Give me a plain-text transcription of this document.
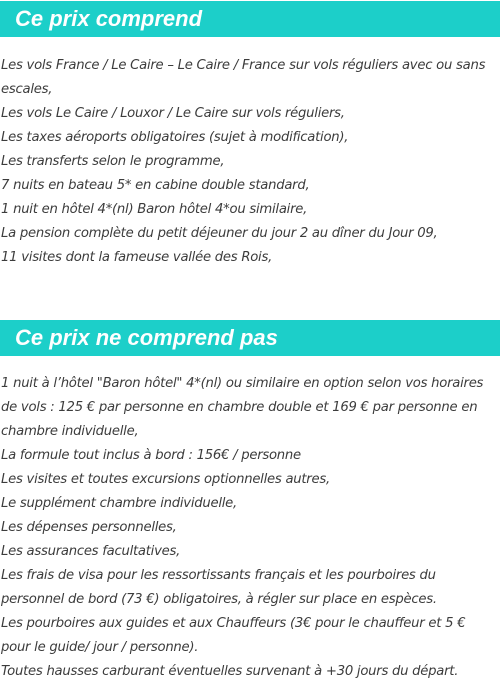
Ce prix comprend

Les vols France / Le Caire – Le Caire / France sur vols réguliers avec ou sans escales,

Les vols Le Caire / Louxor / Le Caire sur vols réguliers,

Les taxes aéroports obligatoires (sujet à modification),

Les transferts selon le programme,

7 nuits en bateau 5* en cabine double standard,

1 nuit en hôtel 4*(nl) Baron hôtel 4*ou similaire,

La pension complète du petit déjeuner du jour 2 au dîner du Jour 09,

11 visites dont la fameuse vallée des Rois,

Ce prix ne comprend pas

1 nuit à l’hôtel "Baron hôtel" 4*(nl) ou similaire en option selon vos horaires de vols : 125 € par personne en chambre double et 169 € par personne en chambre individuelle,

La formule tout inclus à bord : 156€ / personne

Les visites et toutes excursions optionnelles autres,

Le supplément chambre individuelle,

Les dépenses personnelles,

Les assurances facultatives,

Les frais de visa pour les ressortissants français et les pourboires du personnel de bord (73 €) obligatoires, à régler sur place en espèces.

Les pourboires aux guides et aux Chauffeurs (3€ pour le chauffeur et 5 € pour le guide/ jour / personne).

Toutes hausses carburant éventuelles survenant à +30 jours du départ.
